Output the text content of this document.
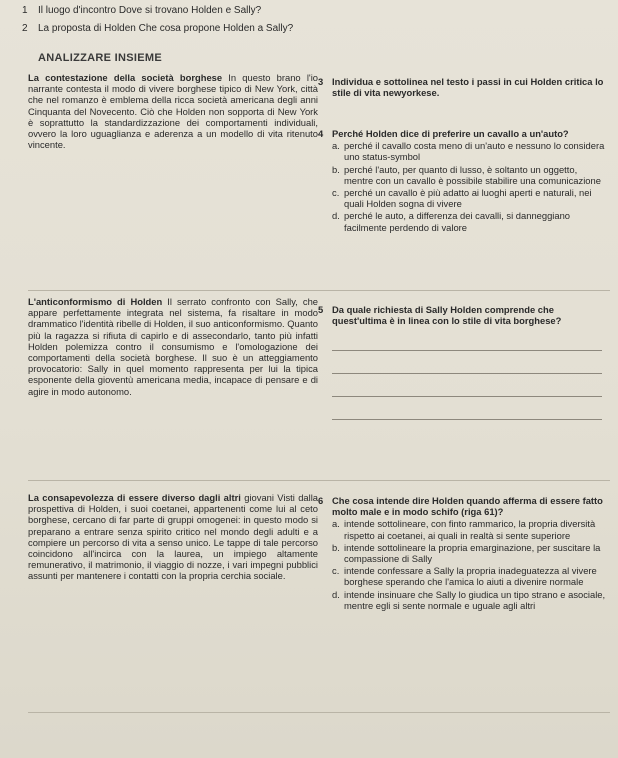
1	Il luogo d'incontro Dove si trovano Holden e Sally?
2	La proposta di Holden Che cosa propone Holden a Sally?
ANALIZZARE INSIEME
La contestazione della società borghese In questo brano l'io narrante contesta il modo di vivere borghese tipico di New York, città che nel romanzo è emblema della ricca società americana degli anni Cinquanta del Novecento. Ciò che Holden non sopporta di New York è soprattutto la standardizzazione dei comportamenti individuali, ovvero la loro uguaglianza e aderenza a un modello di vita ritenuto vincente.
3 Individua e sottolinea nel testo i passi in cui Holden critica lo stile di vita newyorkese.
4 Perché Holden dice di preferire un cavallo a un'auto?
a. perché il cavallo costa meno di un'auto e nessuno lo considera uno status-symbol
b. perché l'auto, per quanto di lusso, è soltanto un oggetto, mentre con un cavallo è possibile stabilire una comunicazione
c. perché un cavallo è più adatto ai luoghi aperti e naturali, nei quali Holden sogna di vivere
d. perché le auto, a differenza dei cavalli, si danneggiano facilmente perdendo di valore
L'anticonformismo di Holden Il serrato confronto con Sally, che appare perfettamente integrata nel sistema, fa risaltare in modo drammatico l'identità ribelle di Holden, il suo anticonformismo. Quanto più la ragazza si rifiuta di capirlo e di assecondarlo, tanto più infatti Holden polemizza contro il consumismo e l'omologazione dei comportamenti della società borghese. Il suo è un atteggiamento provocatorio: Sally in quel momento rappresenta per lui la tipica esponente della gioventù americana media, incapace di pensare e di agire in modo autonomo.
5 Da quale richiesta di Sally Holden comprende che quest'ultima è in linea con lo stile di vita borghese?
La consapevolezza di essere diverso dagli altri giovani Visti dalla prospettiva di Holden, i suoi coetanei, appartenenti come lui al ceto borghese, cercano di far parte di gruppi omogenei: in questo modo si preparano a entrare senza spirito critico nel mondo degli adulti e a compiere un percorso di vita a senso unico. Le tappe di tale percorso coincidono all'incirca con la laurea, un impiego altamente remunerativo, il matrimonio, il viaggio di nozze, i vari impegni pubblici assunti per mantenere i contatti con la propria cerchia sociale.
6 Che cosa intende dire Holden quando afferma di essere fatto molto male e in modo schifo (riga 61)?
a. intende sottolineare, con finto rammarico, la propria diversità rispetto ai coetanei, ai quali in realtà si sente superiore
b. intende sottolineare la propria emarginazione, per suscitare la compassione di Sally
c. intende confessare a Sally la propria inadeguatezza al vivere borghese sperando che l'amica lo aiuti a divenire normale
d. intende insinuare che Sally lo giudica un tipo strano e asociale, mentre egli si sente normale e uguale agli altri
